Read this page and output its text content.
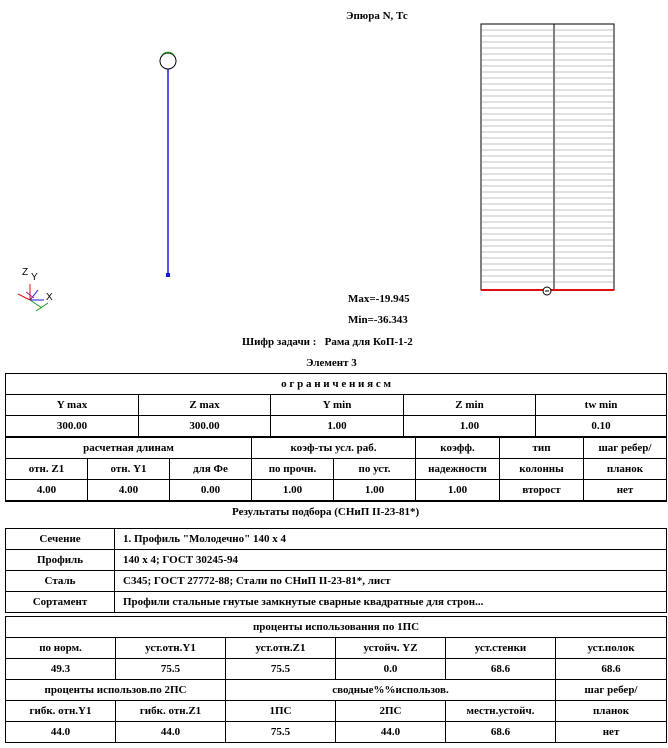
Эпюра N, Тс
Z Y
X	Max=-19.945
Min=-36.343
Шифр задачи : Рама для КоП-1-2
Элемент 3
о г р а н и ч е н и я с м				
Y max	Z max	Y min	Z min	tw min
300.00	300.00	1.00	1.00	0.10
расчетная длинам			коэф-ты усл. раб.		коэфф.	тип	шаг ребер/
отн. Z1	отн. Y1	для Фе	по прочн.	по уст.	надежности	колонны	планок
4.00	4.00	0.00	1.00	1.00	1.00	второст	нет
Результаты подбора (СНиП II-23-81*)
Сечение	1. Профиль "Молодечно" 140 x 4
Профиль	140 x 4; ГОСТ 30245-94
Сталь	С345; ГОСТ 27772-88; Стали по СНиП II-23-81*, лист
Сортамент	Профили стальные гнутые замкнутые сварные квадратные для строн...
проценты использования по 1ПС					
по норм.	уст.отн.Y1	уст.отн.Z1	устойч. YZ	уст.стенки	уст.полок
49.3	75.5	75.5	0.0	68.6	68.6
проценты использов.по 2ПС		сводные%%использов.			шаг ребер/
гибк. отн.Y1	гибк. отн.Z1	1ПС	2ПС	местн.устойч.	планок
44.0	44.0	75.5	44.0	68.6	нет
